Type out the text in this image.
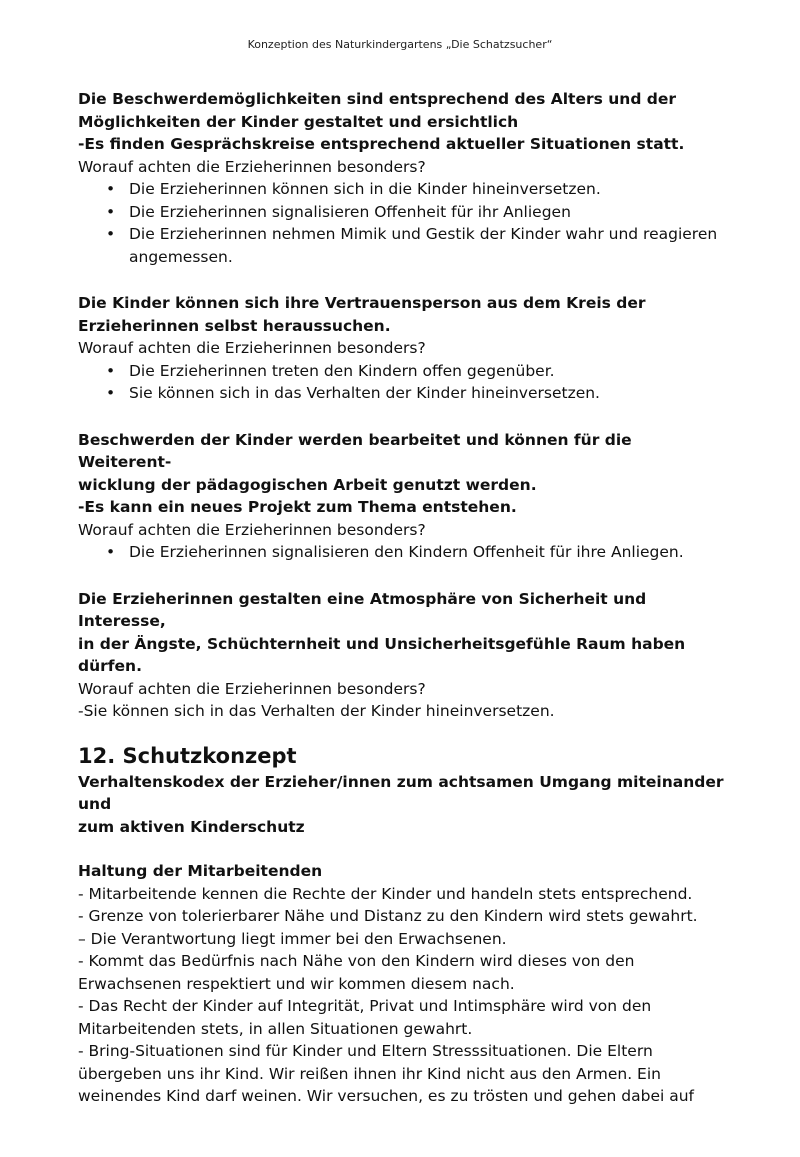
Konzeption des Naturkindergartens „Die Schatzsucher“

Die Beschwerdemöglichkeiten sind entsprechend des Alters und der

Möglichkeiten der Kinder gestaltet und ersichtlich

-Es finden Gesprächskreise entsprechend aktueller Situationen statt.

Worauf achten die Erzieherinnen besonders?

• Die Erzieherinnen können sich in die Kinder hineinversetzen.
• Die Erzieherinnen signalisieren Offenheit für ihr Anliegen
• Die Erzieherinnen nehmen Mimik und Gestik der Kinder wahr und reagieren angemessen.

Die Kinder können sich ihre Vertrauensperson aus dem Kreis der

Erzieherinnen selbst heraussuchen.

Worauf achten die Erzieherinnen besonders?

• Die Erzieherinnen treten den Kindern offen gegenüber.
• Sie können sich in das Verhalten der Kinder hineinversetzen.

Beschwerden der Kinder werden bearbeitet und können für die Weiterent-

wicklung der pädagogischen Arbeit genutzt werden.

-Es kann ein neues Projekt zum Thema entstehen.

Worauf achten die Erzieherinnen besonders?

• Die Erzieherinnen signalisieren den Kindern Offenheit für ihre Anliegen.

Die Erzieherinnen gestalten eine Atmosphäre von Sicherheit und Interesse,

in der Ängste, Schüchternheit und Unsicherheitsgefühle Raum haben dürfen.

Worauf achten die Erzieherinnen besonders?

-Sie können sich in das Verhalten der Kinder hineinversetzen.

12. Schutzkonzept

Verhaltenskodex der Erzieher/innen zum achtsamen Umgang miteinander und

zum aktiven Kinderschutz

Haltung der Mitarbeitenden

- Mitarbeitende kennen die Rechte der Kinder und handeln stets entsprechend.

- Grenze von tolerierbarer Nähe und Distanz zu den Kindern wird stets gewahrt.

– Die Verantwortung liegt immer bei den Erwachsenen.

- Kommt das Bedürfnis nach Nähe von den Kindern wird dieses von den Erwachsenen respektiert und wir kommen diesem nach.

- Das Recht der Kinder auf Integrität, Privat und Intimsphäre wird von den Mitarbeitenden stets, in allen Situationen gewahrt.

- Bring-Situationen sind für Kinder und Eltern Stresssituationen. Die Eltern übergeben uns ihr Kind. Wir reißen ihnen ihr Kind nicht aus den Armen. Ein weinendes Kind darf weinen. Wir versuchen, es zu trösten und gehen dabei auf
